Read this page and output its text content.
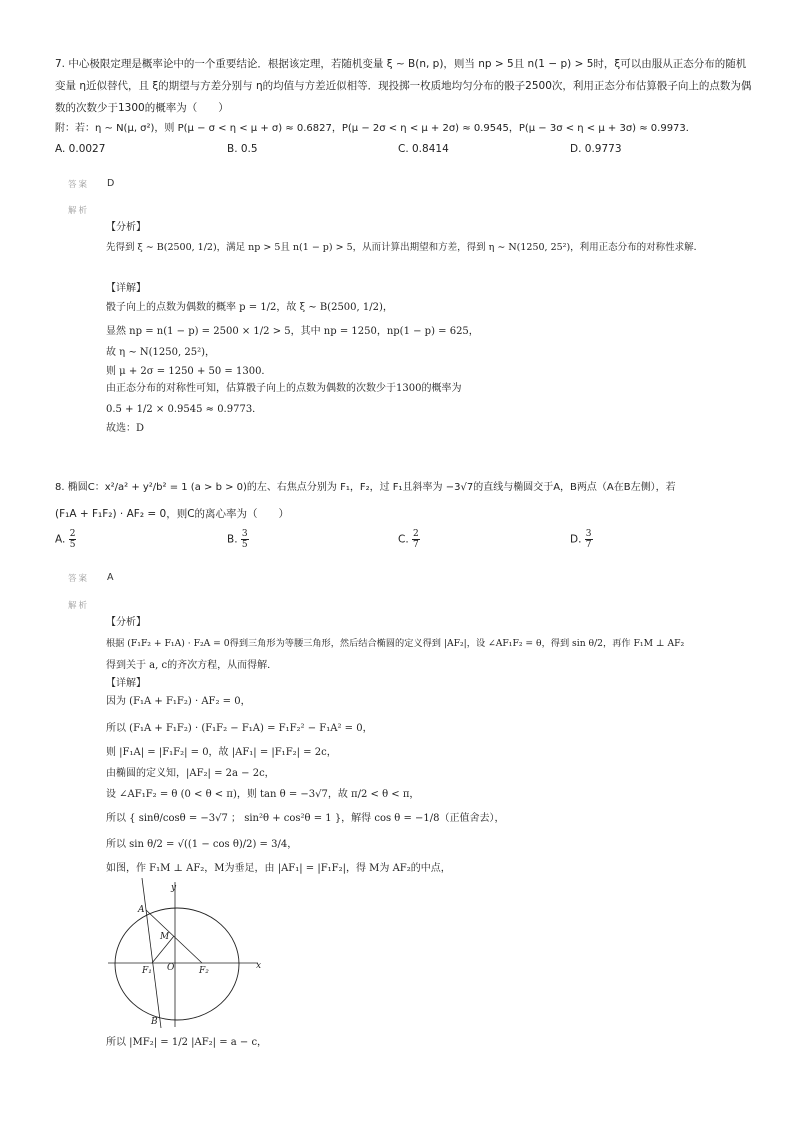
7. 中心极限定理是概率论中的一个重要结论．根据该定理，若随机变量 ξ ∼ B(n, p)，则当 np > 5且 n(1 − p) > 5时，ξ可以由服从正态分布的随机
变量 η近似替代，且 ξ的期望与方差分别与 η的均值与方差近似相等．现投掷一枚质地均匀分布的骰子2500次，利用正态分布估算骰子向上的点数为偶
数的次数少于1300的概率为（　　）
附：若：η ∼ N(μ, σ²)，则 P(μ − σ < η < μ + σ) ≈ 0.6827，P(μ − 2σ < η < μ + 2σ) ≈ 0.9545，P(μ − 3σ < η < μ + 3σ) ≈ 0.9973．
A. 0.0027	B. 0.5	C. 0.8414	D. 0.9773
答案 D
解析
【分析】
先得到 ξ ∼ B(2500, 1/2)，满足 np > 5且 n(1 − p) > 5，从而计算出期望和方差，得到 η ∼ N(1250, 25²)，利用正态分布的对称性求解．
【详解】
骰子向上的点数为偶数的概率 p = 1/2，故 ξ ∼ B(2500, 1/2)，
显然 np = n(1 − p) = 2500 × 1/2 > 5，其中 np = 1250，np(1 − p) = 625，
故 η ∼ N(1250, 25²)，
则 μ + 2σ = 1250 + 50 = 1300．
由正态分布的对称性可知，估算骰子向上的点数为偶数的次数少于1300的概率为
0.5 + 1/2 × 0.9545 ≈ 0.9773．
故选：D
8. 椭圆C：x²/a² + y²/b² = 1 (a > b > 0)的左、右焦点分别为 F₁，F₂，过 F₁且斜率为 −3√7的直线与椭圆交于A，B两点（A在B左侧），若
(F₁A + F₁F₂) · AF₂ = 0，则C的离心率为（　　）
A. $\frac{2}{5}$	B. $\frac{3}{5}$	C. $\frac{2}{7}$	D. $\frac{3}{7}$
答案 A
解析
【分析】
根据 (F₁F₂ + F₁A) · F₂A = 0得到三角形为等腰三角形，然后结合椭圆的定义得到 |AF₂|，设 ∠AF₁F₂ = θ，得到 sin θ/2，再作 F₁M ⊥ AF₂
得到关于 a, c的齐次方程，从而得解．
【详解】
因为 (F₁A + F₁F₂) · AF₂ = 0，
所以 (F₁A + F₁F₂) · (F₁F₂ − F₁A) = F₁F₂² − F₁A² = 0，
则 |F₁A| = |F₁F₂| = 0，故 |AF₁| = |F₁F₂| = 2c，
由椭圆的定义知，|AF₂| = 2a − 2c，
设 ∠AF₁F₂ = θ (0 < θ < π)，则 tan θ = −3√7，故 π/2 < θ < π，
所以 { sinθ/cosθ = −3√7 ； sin²θ + cos²θ = 1 }，解得 cos θ = −1/8（正值舍去），
所以 sin θ/2 = √((1 − cos θ)/2) = 3/4，
如图，作 F₁M ⊥ AF₂，M为垂足，由 |AF₁| = |F₁F₂|，得 M为 AF₂的中点，
y
x
A
M
F₁ O	F₂
B
所以 |MF₂| = 1/2 |AF₂| = a − c，
